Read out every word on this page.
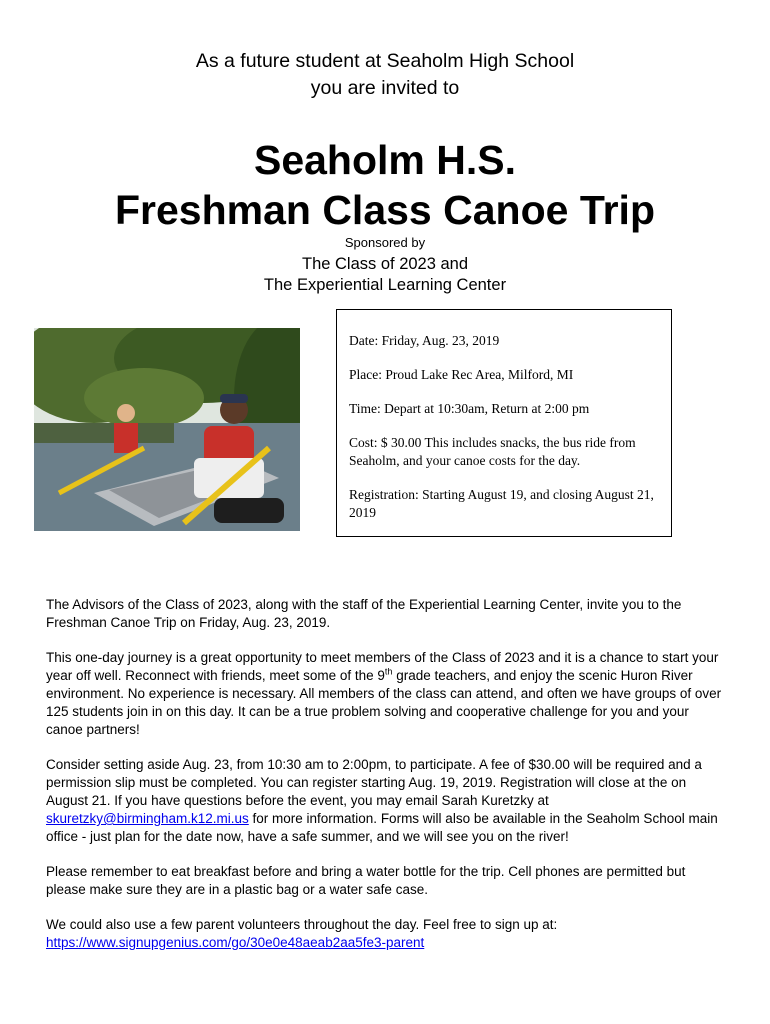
As a future student at Seaholm High School
you are invited to
Seaholm H.S.
Freshman Class Canoe Trip
Sponsored by
The Class of 2023 and
The Experiential Learning Center

Date: Friday, Aug. 23, 2019

Place: Proud Lake Rec Area, Milford, MI

Time: Depart at 10:30am, Return at 2:00 pm

Cost: $ 30.00 This includes snacks, the bus ride from Seaholm, and your canoe costs for the day.

Registration: Starting August 19, and closing August 21, 2019

The Advisors of the Class of 2023, along with the staff of the Experiential Learning Center, invite you to the Freshman Canoe Trip on Friday, Aug. 23, 2019.

This one-day journey is a great opportunity to meet members of the Class of 2023 and it is a chance to start your year off well. Reconnect with friends, meet some of the 9th grade teachers, and enjoy the scenic Huron River environment. No experience is necessary. All members of the class can attend, and often we have groups of over 125 students join in on this day. It can be a true problem solving and cooperative challenge for you and your canoe partners!

Consider setting aside Aug. 23, from 10:30 am to 2:00pm, to participate. A fee of $30.00 will be required and a permission slip must be completed. You can register starting Aug. 19, 2019. Registration will close at the on August 21. If you have questions before the event, you may email Sarah Kuretzky at skuretzky@birmingham.k12.mi.us for more information. Forms will also be available in the Seaholm School main office - just plan for the date now, have a safe summer, and we will see you on the river!

Please remember to eat breakfast before and bring a water bottle for the trip. Cell phones are permitted but please make sure they are in a plastic bag or a water safe case.

We could also use a few parent volunteers throughout the day. Feel free to sign up at:
https://www.signupgenius.com/go/30e0e48aeab2aa5fe3-parent
